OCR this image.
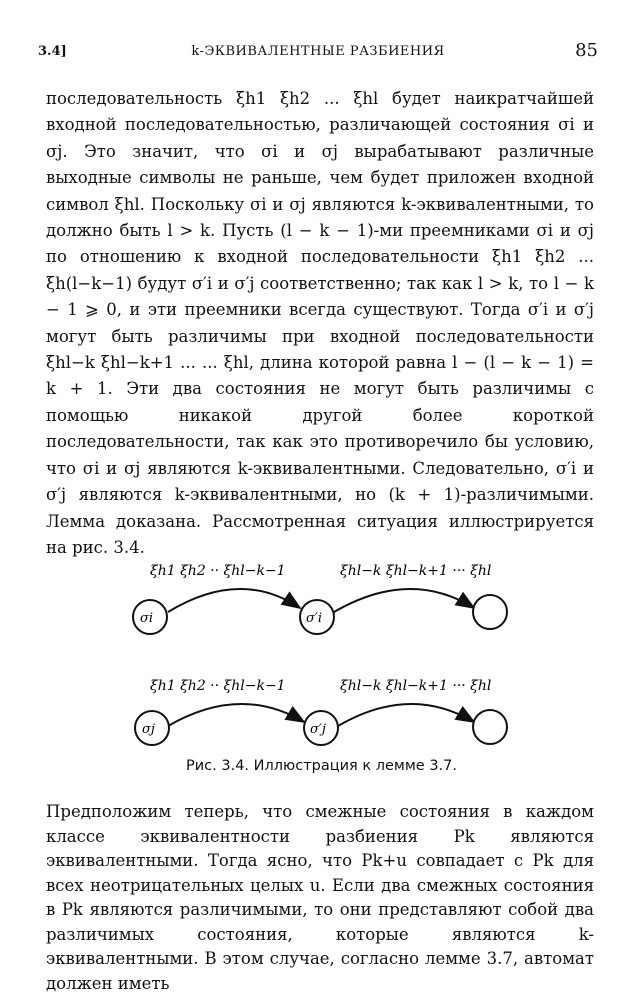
3.4]	k-ЭКВИВАЛЕНТНЫЕ РАЗБИЕНИЯ	85

последовательность ξh1 ξh2 ... ξhl будет наикратчайшей входной последовательностью, различающей состояния σi и σj. Это значит, что σi и σj вырабатывают различные выходные символы не раньше, чем будет приложен входной символ ξhl. Поскольку σi и σj являются k-эквивалентными, то должно быть l > k. Пусть (l − k − 1)-ми преемниками σi и σj по отношению к входной последовательности ξh1 ξh2 ... ξh(l−k−1) будут σ′i и σ′j соответственно; так как l > k, то l − k − 1 ⩾ 0, и эти преемники всегда существуют. Тогда σ′i и σ′j могут быть различимы при входной последовательности ξhl−k ξhl−k+1 ... ... ξhl, длина которой равна l − (l − k − 1) = k + 1. Эти два состояния не могут быть различимы с помощью никакой другой более короткой последовательности, так как это противоречило бы условию, что σi и σj являются k-эквивалентными. Следовательно, σ′i и σ′j являются k-эквивалентными, но (k + 1)-различимыми. Лемма доказана. Рассмотренная ситуация иллюстрируется на рис. 3.4.

ξh1 ξh2 ·· ξhl−k−1	ξhl−k ξhl−k+1 ··· ξhl
σi	σ′i
ξh1 ξh2 ·· ξhl−k−1	ξhl−k ξhl−k+1 ··· ξhl
σj	σ′j
Рис. 3.4. Иллюстрация к лемме 3.7.

Предположим теперь, что смежные состояния в каждом классе эквивалентности разбиения Pk являются эквивалентными. Тогда ясно, что Pk+u совпадает с Pk для всех неотрицательных целых u. Если два смежных состояния в Pk являются различимыми, то они представляют собой два различимых состояния, которые являются k-эквивалентными. В этом случае, согласно лемме 3.7, автомат должен иметь
